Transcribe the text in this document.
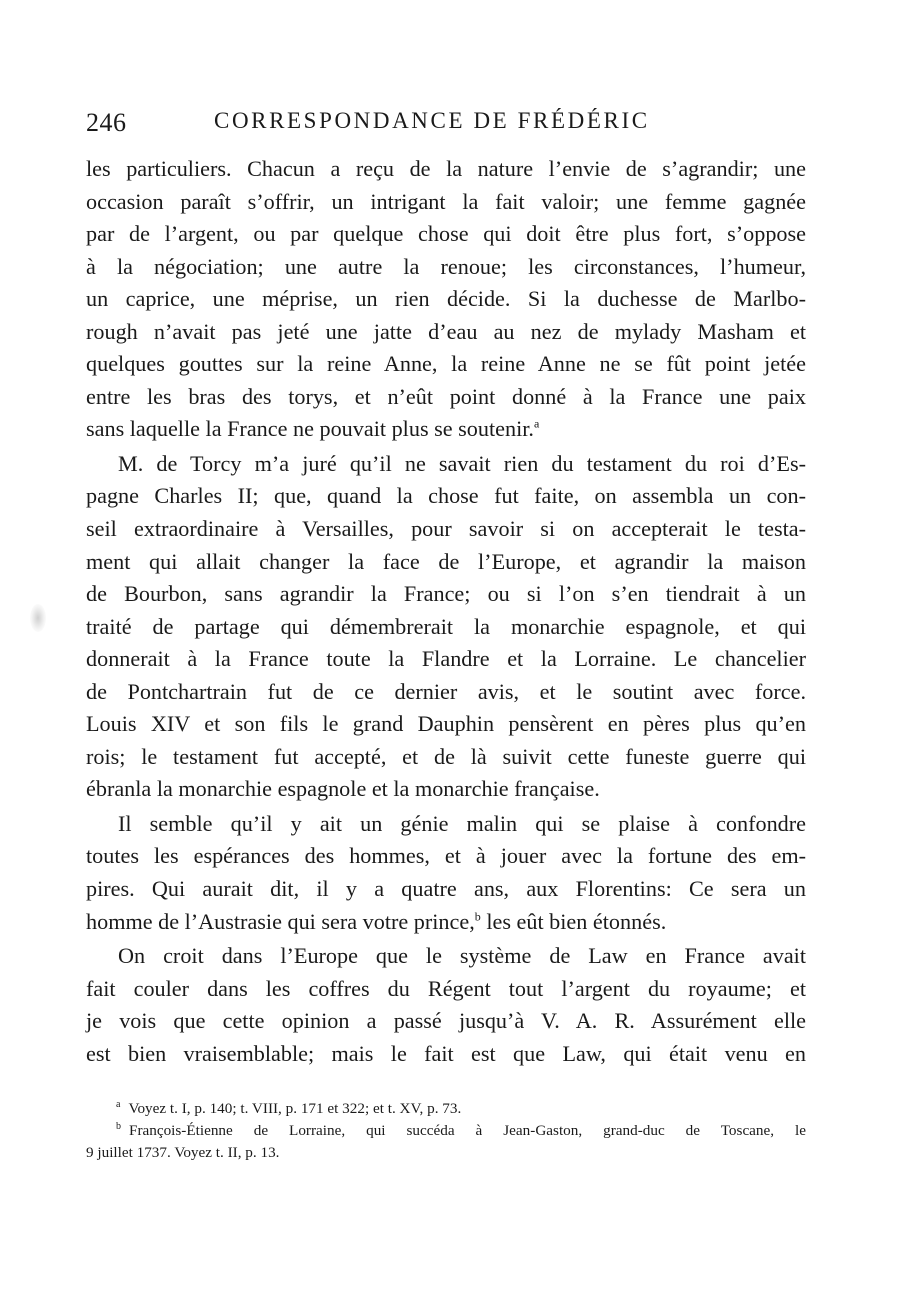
246	CORRESPONDANCE DE FRÉDÉRIC
les particuliers. Chacun a reçu de la nature l’envie de s’agrandir; une
occasion paraît s’offrir, un intrigant la fait valoir; une femme gagnée
par de l’argent, ou par quelque chose qui doit être plus fort, s’oppose
à la négociation; une autre la renoue; les circonstances, l’humeur,
un caprice, une méprise, un rien décide. Si la duchesse de Marlbo-
rough n’avait pas jeté une jatte d’eau au nez de mylady Masham et
quelques gouttes sur la reine Anne, la reine Anne ne se fût point jetée
entre les bras des torys, et n’eût point donné à la France une paix
sans laquelle la France ne pouvait plus se soutenir.$^a$
M. de Torcy m’a juré qu’il ne savait rien du testament du roi d’Es-
pagne Charles II; que, quand la chose fut faite, on assembla un con-
seil extraordinaire à Versailles, pour savoir si on accepterait le testa-
ment qui allait changer la face de l’Europe, et agrandir la maison
de Bourbon, sans agrandir la France; ou si l’on s’en tiendrait à un
traité de partage qui démembrerait la monarchie espagnole, et qui
donnerait à la France toute la Flandre et la Lorraine. Le chancelier
de Pontchartrain fut de ce dernier avis, et le soutint avec force.
Louis XIV et son fils le grand Dauphin pensèrent en pères plus qu’en
rois; le testament fut accepté, et de là suivit cette funeste guerre qui
ébranla la monarchie espagnole et la monarchie française.
Il semble qu’il y ait un génie malin qui se plaise à confondre
toutes les espérances des hommes, et à jouer avec la fortune des em-
pires. Qui aurait dit, il y a quatre ans, aux Florentins: Ce sera un
homme de l’Austrasie qui sera votre prince,$^b$ les eût bien étonnés.
On croit dans l’Europe que le système de Law en France avait
fait couler dans les coffres du Régent tout l’argent du royaume; et
je vois que cette opinion a passé jusqu’à V. A. R. Assurément elle
est bien vraisemblable; mais le fait est que Law, qui était venu en
$^a$ Voyez t. I, p. 140; t. VIII, p. 171 et 322; et t. XV, p. 73.
$^b$ François-Étienne de Lorraine, qui succéda à Jean-Gaston, grand-duc de Toscane, le
9 juillet 1737. Voyez t. II, p. 13.
